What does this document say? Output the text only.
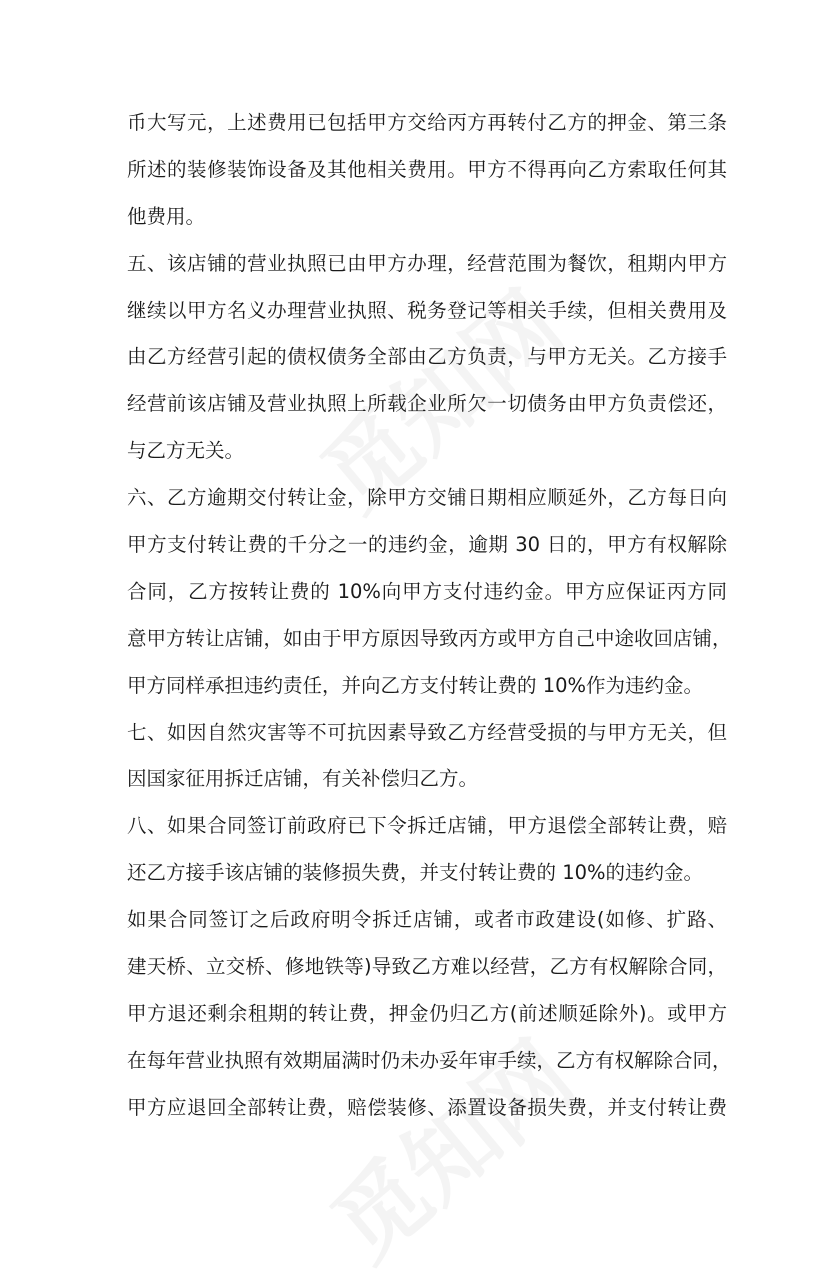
币大写元，上述费用已包括甲方交给丙方再转付乙方的押金、第三条
所述的装修装饰设备及其他相关费用。甲方不得再向乙方索取任何其
他费用。
五、该店铺的营业执照已由甲方办理，经营范围为餐饮，租期内甲方
继续以甲方名义办理营业执照、税务登记等相关手续，但相关费用及
由乙方经营引起的债权债务全部由乙方负责，与甲方无关。乙方接手
经营前该店铺及营业执照上所载企业所欠一切债务由甲方负责偿还，
与乙方无关。
六、乙方逾期交付转让金，除甲方交铺日期相应顺延外，乙方每日向
甲方支付转让费的千分之一的违约金，逾期 30 日的，甲方有权解除
合同，乙方按转让费的 10%向甲方支付违约金。甲方应保证丙方同
意甲方转让店铺，如由于甲方原因导致丙方或甲方自己中途收回店铺，
甲方同样承担违约责任，并向乙方支付转让费的 10%作为违约金。
七、如因自然灾害等不可抗因素导致乙方经营受损的与甲方无关，但
因国家征用拆迁店铺，有关补偿归乙方。
八、如果合同签订前政府已下令拆迁店铺，甲方退偿全部转让费，赔
还乙方接手该店铺的装修损失费，并支付转让费的 10%的违约金。
如果合同签订之后政府明令拆迁店铺，或者市政建设(如修、扩路、
建天桥、立交桥、修地铁等)导致乙方难以经营，乙方有权解除合同，
甲方退还剩余租期的转让费，押金仍归乙方(前述顺延除外)。或甲方
在每年营业执照有效期届满时仍未办妥年审手续，乙方有权解除合同，
甲方应退回全部转让费，赔偿装修、添置设备损失费，并支付转让费
